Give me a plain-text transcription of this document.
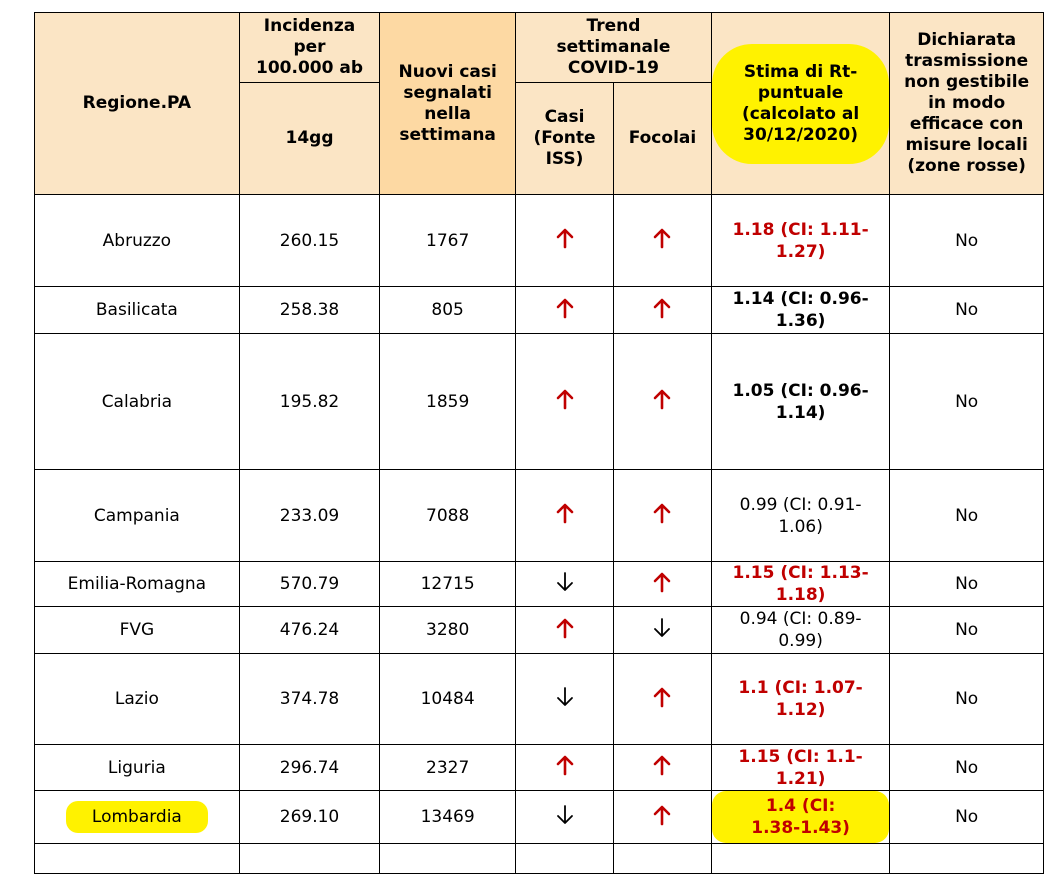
Regione.PA	Incidenza per 100.000 ab	Nuovi casi segnalati nella settimana	Trend settimanale COVID-19		Stima di Rt-puntuale (calcolato al 30/12/2020)	Dichiarata trasmissione non gestibile in modo efficace con misure locali (zone rosse)
	14gg		Casi (Fonte ISS)	Focolai		
Abruzzo	260.15	1767			1.18 (CI: 1.11-1.27)	No
Basilicata	258.38	805			1.14 (CI: 0.96-1.36)	No
Calabria	195.82	1859			1.05 (CI: 0.96-1.14)	No
Campania	233.09	7088			0.99 (CI: 0.91-1.06)	No
Emilia-Romagna	570.79	12715			1.15 (CI: 1.13-1.18)	No
FVG	476.24	3280			0.94 (CI: 0.89-0.99)	No
Lazio	374.78	10484			1.1 (CI: 1.07-1.12)	No
Liguria	296.74	2327			1.15 (CI: 1.1-1.21)	No
Lombardia	269.10	13469			1.4 (CI: 1.38-1.43)	No
